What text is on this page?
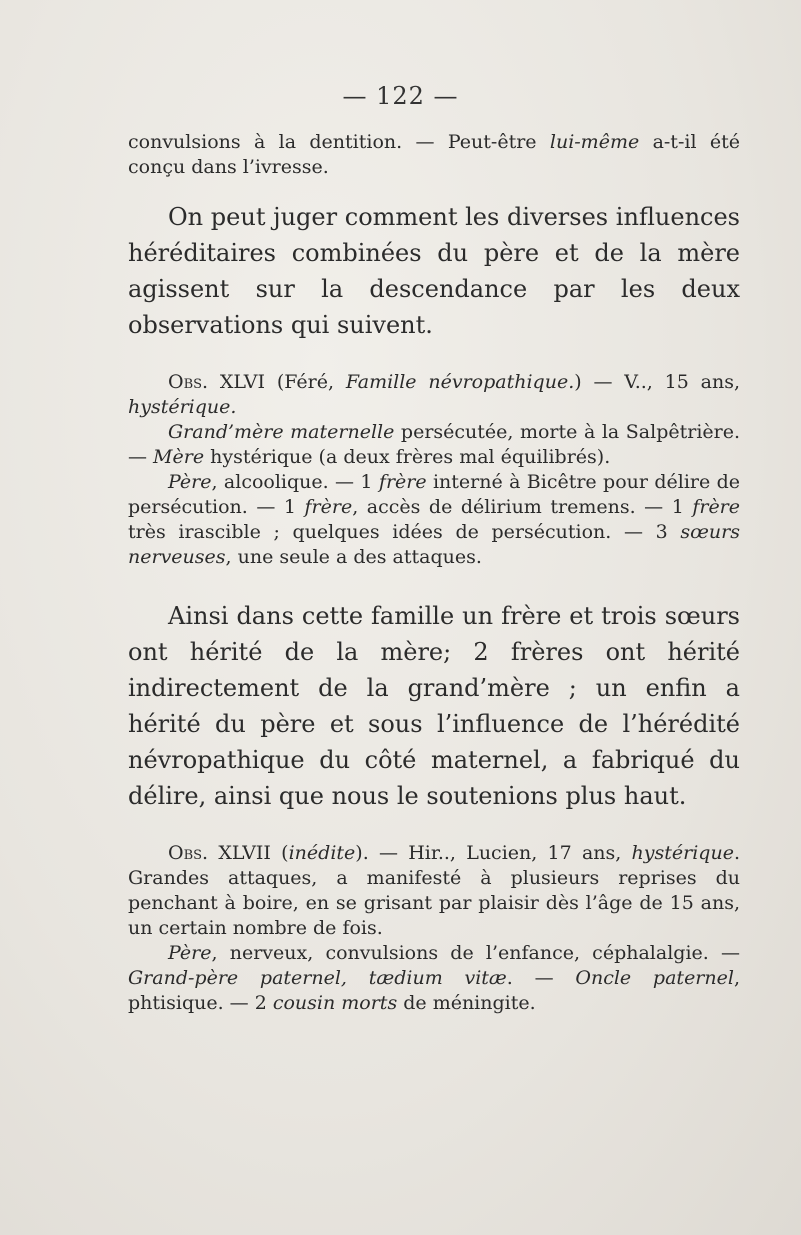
— 122 —

convulsions à la dentition. — Peut-être lui-même a-t-il été conçu dans l’ivresse.

On peut juger comment les diverses influences héréditaires combinées du père et de la mère agissent sur la descendance par les deux observations qui suivent.

Obs. XLVI (Féré, Famille névropathique.) — V.., 15 ans, hystérique.
Grand’mère maternelle persécutée, morte à la Salpêtrière. — Mère hystérique (a deux frères mal équilibrés).
Père, alcoolique. — 1 frère interné à Bicêtre pour délire de persécution. — 1 frère, accès de délirium tremens. — 1 frère très irascible ; quelques idées de persécution. — 3 sœurs nerveuses, une seule a des attaques.

Ainsi dans cette famille un frère et trois sœurs ont hérité de la mère; 2 frères ont hérité indirectement de la grand’mère ; un enfin a hérité du père et sous l’influence de l’hérédité névropathique du côté maternel, a fabriqué du délire, ainsi que nous le soutenions plus haut.

Obs. XLVII (inédite). — Hir.., Lucien, 17 ans, hystérique. Grandes attaques, a manifesté à plusieurs reprises du penchant à boire, en se grisant par plaisir dès l’âge de 15 ans, un certain nombre de fois.
Père, nerveux, convulsions de l’enfance, céphalalgie. — Grand-père paternel, tædium vitæ. — Oncle paternel, phtisique. — 2 cousin morts de méningite.
